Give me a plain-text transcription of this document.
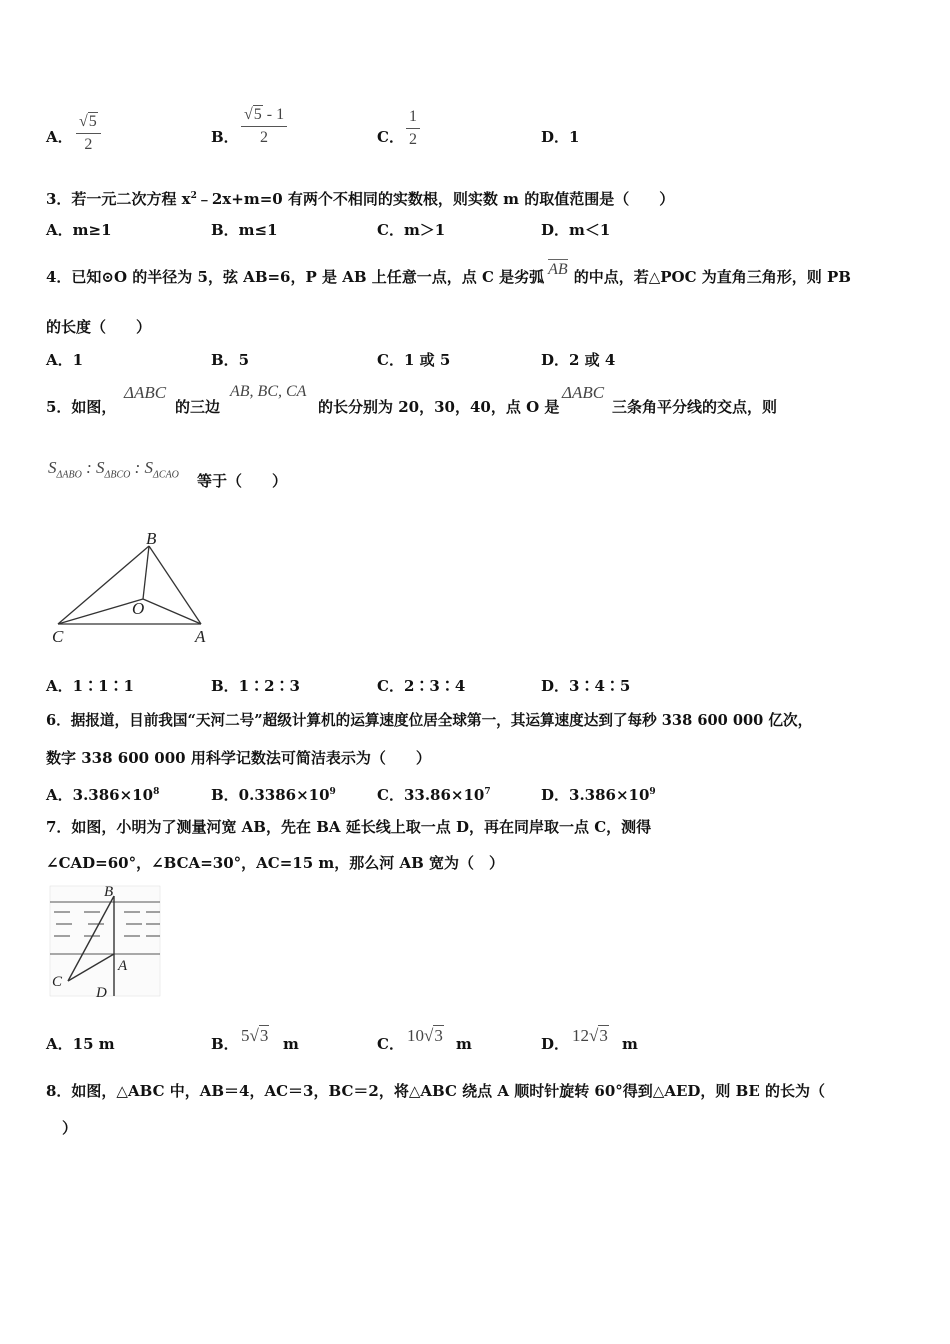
A． $\frac{√5}{2}$	B． $\frac{√5 - 1}{2}$	C． $\frac{1}{2}$	D．1
3．若一元二次方程 $x^2﹣2x+m=0$ 有两个不相同的实数根，则实数 m 的取值范围是（　　）
A．m≥1	B．m≤1	C．m＞1	D．m＜1
4．已知⊙O 的半径为 5，弦 AB=6，P 是 AB 上任意一点，点 C 是劣弧 AB 的中点，若△POC 为直角三角形，则 PB
的长度（　　）
A．1	B．5	C．1 或 5	D．2 或 4
5．如图，
ΔABC
的三边
AB, BC, CA
的长分别为 20，30，40，点 O 是
ΔABC
三条角平分线的交点，则
$S_{\Delta ABO}$ : $S_{\Delta BCO}$ : $S_{\Delta CAO}$ 等于（　　）
B
O
C	A
A．1∶1∶1	B．1∶2∶3	C．2∶3∶4	D．3∶4∶5
6．据报道，目前我国“天河二号”超级计算机的运算速度位居全球第一，其运算速度达到了每秒 338 600 000 亿次，
数字 338 600 000 用科学记数法可简洁表示为（　　）
A．$3.386\times 10^8$	B．$0.3386\times 10^9$	C．$33.86\times 10^7$	D．$3.386\times 10^9$
7．如图，小明为了测量河宽 AB，先在 BA 延长线上取一点 D，再在同岸取一点 C，测得
∠CAD=60°，∠BCA=30°，AC=15 m，那么河 AB 宽为（　）
B
A
C
D
A．15 m	B． 5√3 m	C． 10√3 m	D． 12√3 m
8．如图，△ABC 中，AB＝4，AC＝3，BC＝2，将△ABC 绕点 A 顺时针旋转 60°得到△AED，则 BE 的长为（
）
